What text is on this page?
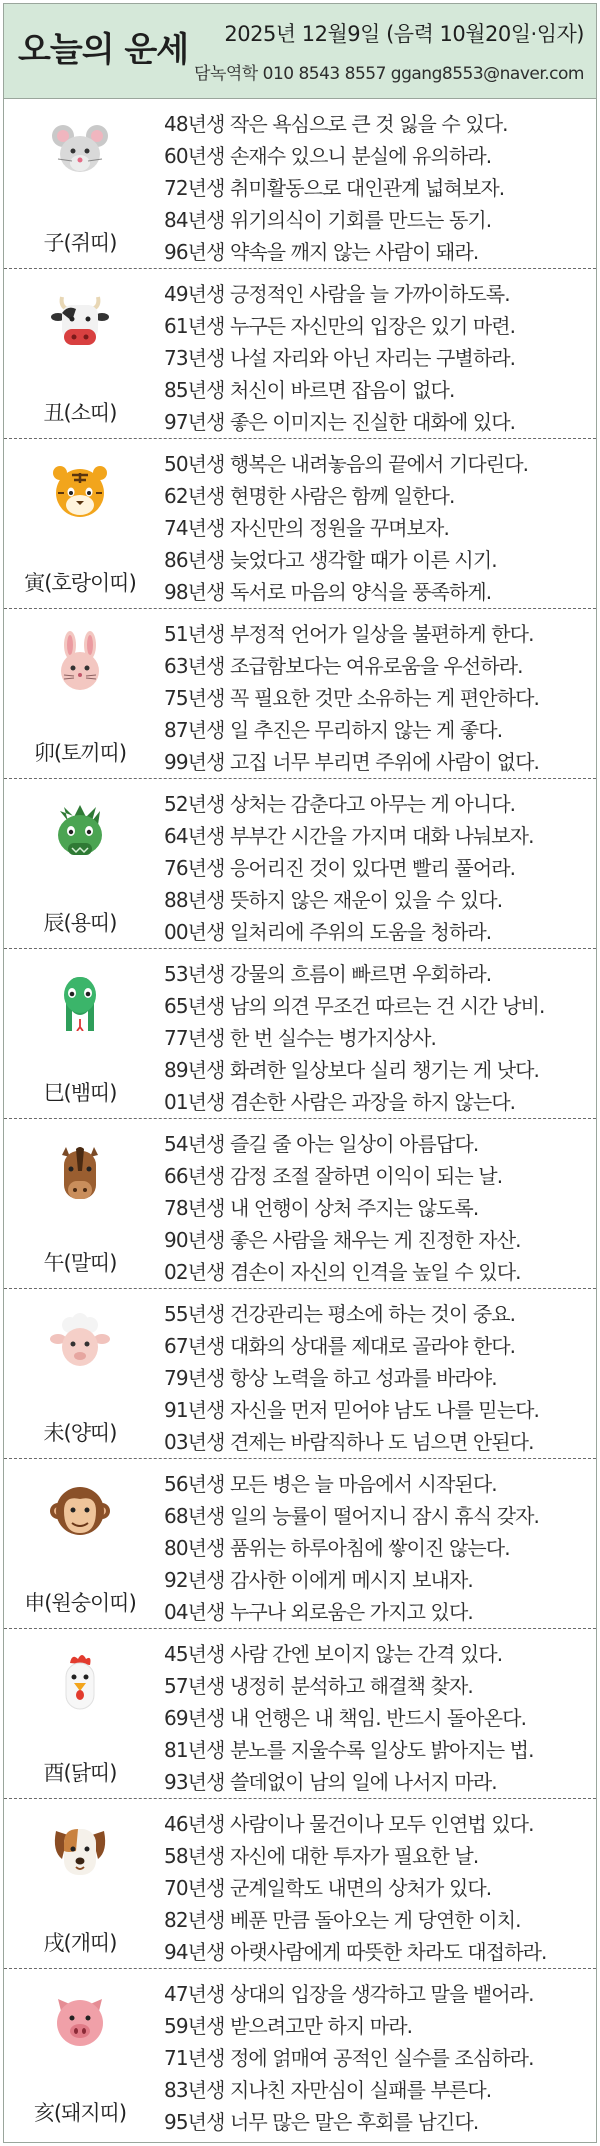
오늘의 운세 2025년 12월9일 (음력 10월20일·임자)
담녹역학 010 8543 8557 ggang8553@naver.com
子(쥐띠)
48년생 작은 욕심으로 큰 것 잃을 수 있다.
60년생 손재수 있으니 분실에 유의하라.
72년생 취미활동으로 대인관계 넓혀보자.
84년생 위기의식이 기회를 만드는 동기.
96년생 약속을 깨지 않는 사람이 돼라.
丑(소띠)
49년생 긍정적인 사람을 늘 가까이하도록.
61년생 누구든 자신만의 입장은 있기 마련.
73년생 나설 자리와 아닌 자리는 구별하라.
85년생 처신이 바르면 잡음이 없다.
97년생 좋은 이미지는 진실한 대화에 있다.
寅(호랑이띠)
50년생 행복은 내려놓음의 끝에서 기다린다.
62년생 현명한 사람은 함께 일한다.
74년생 자신만의 정원을 꾸며보자.
86년생 늦었다고 생각할 때가 이른 시기.
98년생 독서로 마음의 양식을 풍족하게.
卯(토끼띠)
51년생 부정적 언어가 일상을 불편하게 한다.
63년생 조급함보다는 여유로움을 우선하라.
75년생 꼭 필요한 것만 소유하는 게 편안하다.
87년생 일 추진은 무리하지 않는 게 좋다.
99년생 고집 너무 부리면 주위에 사람이 없다.
辰(용띠)
52년생 상처는 감춘다고 아무는 게 아니다.
64년생 부부간 시간을 가지며 대화 나눠보자.
76년생 응어리진 것이 있다면 빨리 풀어라.
88년생 뜻하지 않은 재운이 있을 수 있다.
00년생 일처리에 주위의 도움을 청하라.
巳(뱀띠)
53년생 강물의 흐름이 빠르면 우회하라.
65년생 남의 의견 무조건 따르는 건 시간 낭비.
77년생 한 번 실수는 병가지상사.
89년생 화려한 일상보다 실리 챙기는 게 낫다.
01년생 겸손한 사람은 과장을 하지 않는다.
午(말띠)
54년생 즐길 줄 아는 일상이 아름답다.
66년생 감정 조절 잘하면 이익이 되는 날.
78년생 내 언행이 상처 주지는 않도록.
90년생 좋은 사람을 채우는 게 진정한 자산.
02년생 겸손이 자신의 인격을 높일 수 있다.
未(양띠)
55년생 건강관리는 평소에 하는 것이 중요.
67년생 대화의 상대를 제대로 골라야 한다.
79년생 항상 노력을 하고 성과를 바라야.
91년생 자신을 먼저 믿어야 남도 나를 믿는다.
03년생 견제는 바람직하나 도 넘으면 안된다.
申(원숭이띠)
56년생 모든 병은 늘 마음에서 시작된다.
68년생 일의 능률이 떨어지니 잠시 휴식 갖자.
80년생 품위는 하루아침에 쌓이진 않는다.
92년생 감사한 이에게 메시지 보내자.
04년생 누구나 외로움은 가지고 있다.
酉(닭띠)
45년생 사람 간엔 보이지 않는 간격 있다.
57년생 냉정히 분석하고 해결책 찾자.
69년생 내 언행은 내 책임. 반드시 돌아온다.
81년생 분노를 지울수록 일상도 밝아지는 법.
93년생 쓸데없이 남의 일에 나서지 마라.
戌(개띠)
46년생 사람이나 물건이나 모두 인연법 있다.
58년생 자신에 대한 투자가 필요한 날.
70년생 군계일학도 내면의 상처가 있다.
82년생 베푼 만큼 돌아오는 게 당연한 이치.
94년생 아랫사람에게 따뜻한 차라도 대접하라.
亥(돼지띠)
47년생 상대의 입장을 생각하고 말을 뱉어라.
59년생 받으려고만 하지 마라.
71년생 정에 얽매여 공적인 실수를 조심하라.
83년생 지나친 자만심이 실패를 부른다.
95년생 너무 많은 말은 후회를 남긴다.
